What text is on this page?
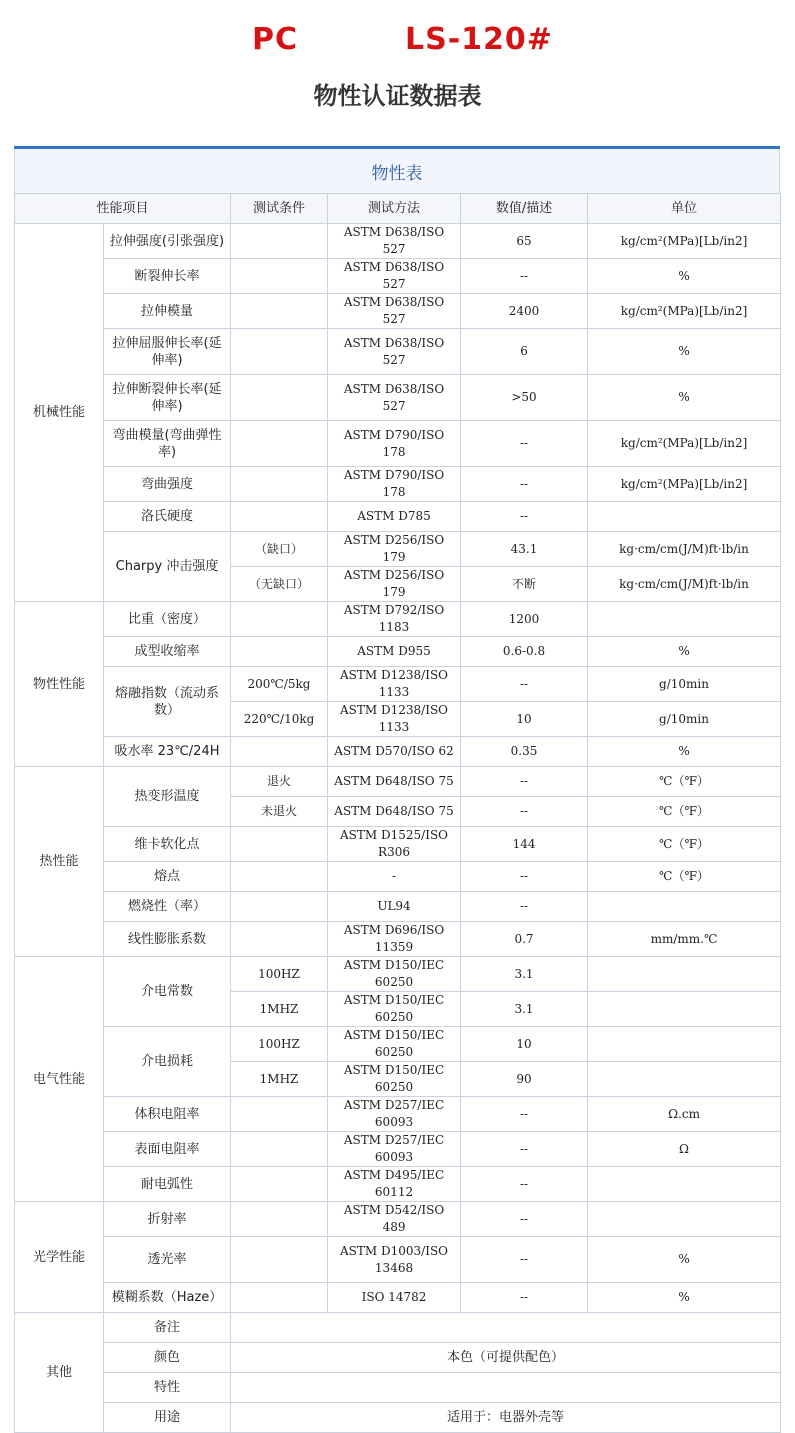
PC	LS-120#
物性认证数据表
物性表
性能项目		测试条件	测试方法	数值/描述	单位
机械性能	拉伸强度(引张强度)		ASTM D638/ISO 527	65	kg/cm²(MPa)[Lb/in2]
	断裂伸长率		ASTM D638/ISO 527	--	%
	拉伸模量		ASTM D638/ISO 527	2400	kg/cm²(MPa)[Lb/in2]
	拉伸屈服伸长率(延伸率)		ASTM D638/ISO 527	6	%
	拉伸断裂伸长率(延伸率)		ASTM D638/ISO 527	>50	%
	弯曲模量(弯曲弹性率)		ASTM D790/ISO 178	--	kg/cm²(MPa)[Lb/in2]
	弯曲强度		ASTM D790/ISO 178	--	kg/cm²(MPa)[Lb/in2]
	洛氏硬度		ASTM D785	--	
	Charpy 冲击强度	（缺口）	ASTM D256/ISO 179	43.1	kg·cm/cm(J/M)ft·lb/in
		（无缺口）	ASTM D256/ISO 179	不断	kg·cm/cm(J/M)ft·lb/in
物性性能	比重（密度）		ASTM D792/ISO 1183	1200	
	成型收缩率		ASTM D955	0.6-0.8	%
	熔融指数（流动系数）	200℃/5kg	ASTM D1238/ISO 1133	--	g/10min
		220℃/10kg	ASTM D1238/ISO 1133	10	g/10min
	吸水率 23℃/24H		ASTM D570/ISO 62	0.35	%
热性能	热变形温度	退火	ASTM D648/ISO 75	--	℃（℉）
		未退火	ASTM D648/ISO 75	--	℃（℉）
	维卡软化点		ASTM D1525/ISO R306	144	℃（℉）
	熔点		-	--	℃（℉）
	燃烧性（率）		UL94	--	
	线性膨胀系数		ASTM D696/ISO 11359	0.7	mm/mm.℃
电气性能	介电常数	100HZ	ASTM D150/IEC 60250	3.1	
		1MHZ	ASTM D150/IEC 60250	3.1	
	介电损耗	100HZ	ASTM D150/IEC 60250	10	
		1MHZ	ASTM D150/IEC 60250	90	
	体积电阻率		ASTM D257/IEC 60093	--	Ω.cm
	表面电阻率		ASTM D257/IEC 60093	--	Ω
	耐电弧性		ASTM D495/IEC 60112	--	
光学性能	折射率		ASTM D542/ISO 489	--	
	透光率		ASTM D1003/ISO 13468	--	%
	模糊系数（Haze）		ISO 14782	--	%
其他	备注				
	颜色	本色（可提供配色）			
	特性				
	用途	适用于：电器外壳等			
